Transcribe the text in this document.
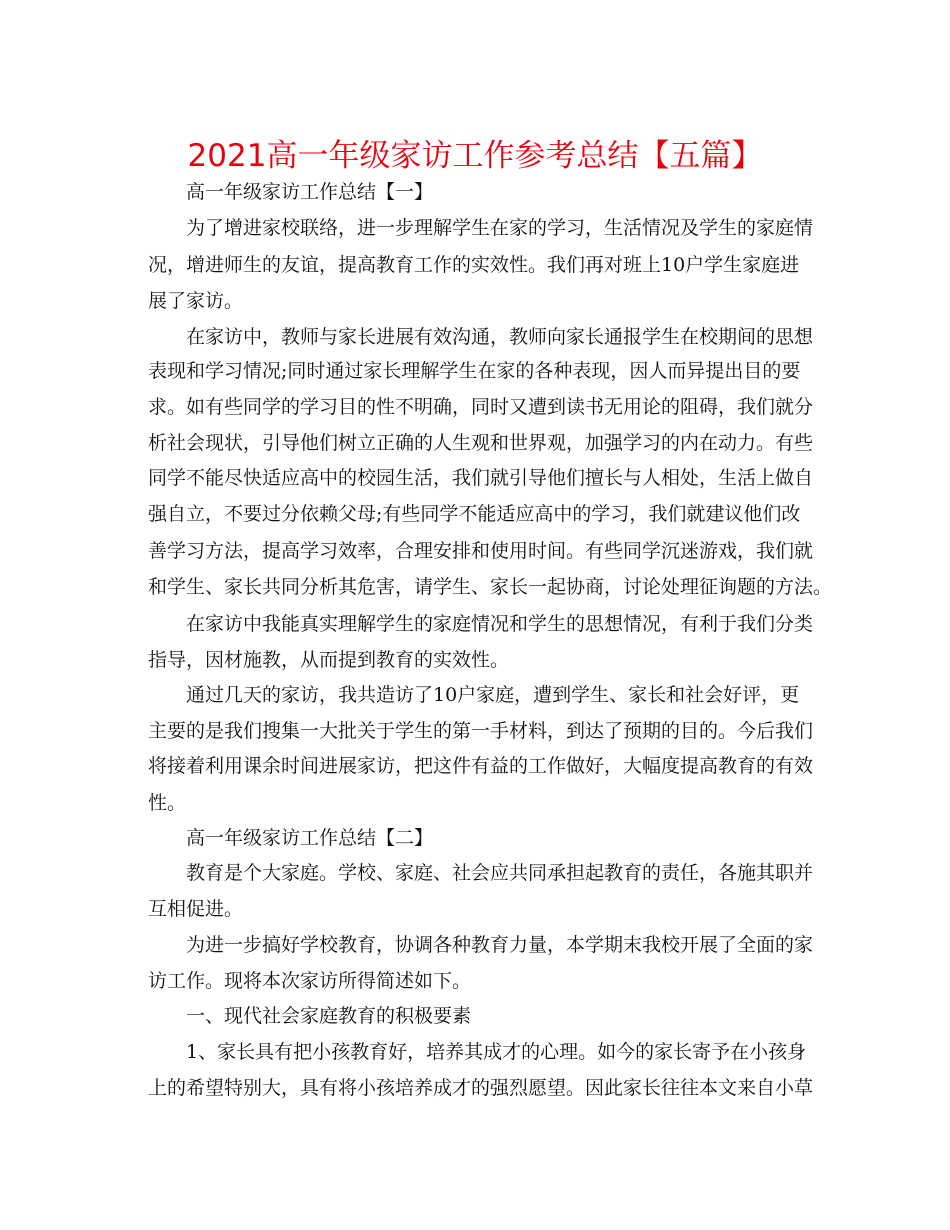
2021高一年级家访工作参考总结【五篇】
高一年级家访工作总结【一】
为了增进家校联络，进一步理解学生在家的学习，生活情况及学生的家庭情
况，增进师生的友谊，提高教育工作的实效性。我们再对班上10户学生家庭进
展了家访。
在家访中，教师与家长进展有效沟通，教师向家长通报学生在校期间的思想
表现和学习情况;同时通过家长理解学生在家的各种表现，因人而异提出目的要
求。如有些同学的学习目的性不明确，同时又遭到读书无用论的阻碍，我们就分
析社会现状，引导他们树立正确的人生观和世界观，加强学习的内在动力。有些
同学不能尽快适应高中的校园生活，我们就引导他们擅长与人相处，生活上做自
强自立，不要过分依赖父母;有些同学不能适应高中的学习，我们就建议他们改
善学习方法，提高学习效率，合理安排和使用时间。有些同学沉迷游戏，我们就
和学生、家长共同分析其危害，请学生、家长一起协商，讨论处理征询题的方法。
在家访中我能真实理解学生的家庭情况和学生的思想情况，有利于我们分类
指导，因材施教，从而提到教育的实效性。
通过几天的家访，我共造访了10户家庭，遭到学生、家长和社会好评，更
主要的是我们搜集一大批关于学生的第一手材料，到达了预期的目的。今后我们
将接着利用课余时间进展家访，把这件有益的工作做好，大幅度提高教育的有效
性。
高一年级家访工作总结【二】
教育是个大家庭。学校、家庭、社会应共同承担起教育的责任，各施其职并
互相促进。
为进一步搞好学校教育，协调各种教育力量，本学期末我校开展了全面的家
访工作。现将本次家访所得简述如下。
一、现代社会家庭教育的积极要素
1、家长具有把小孩教育好，培养其成才的心理。如今的家长寄予在小孩身
上的希望特别大，具有将小孩培养成才的强烈愿望。因此家长往往本文来自小草
